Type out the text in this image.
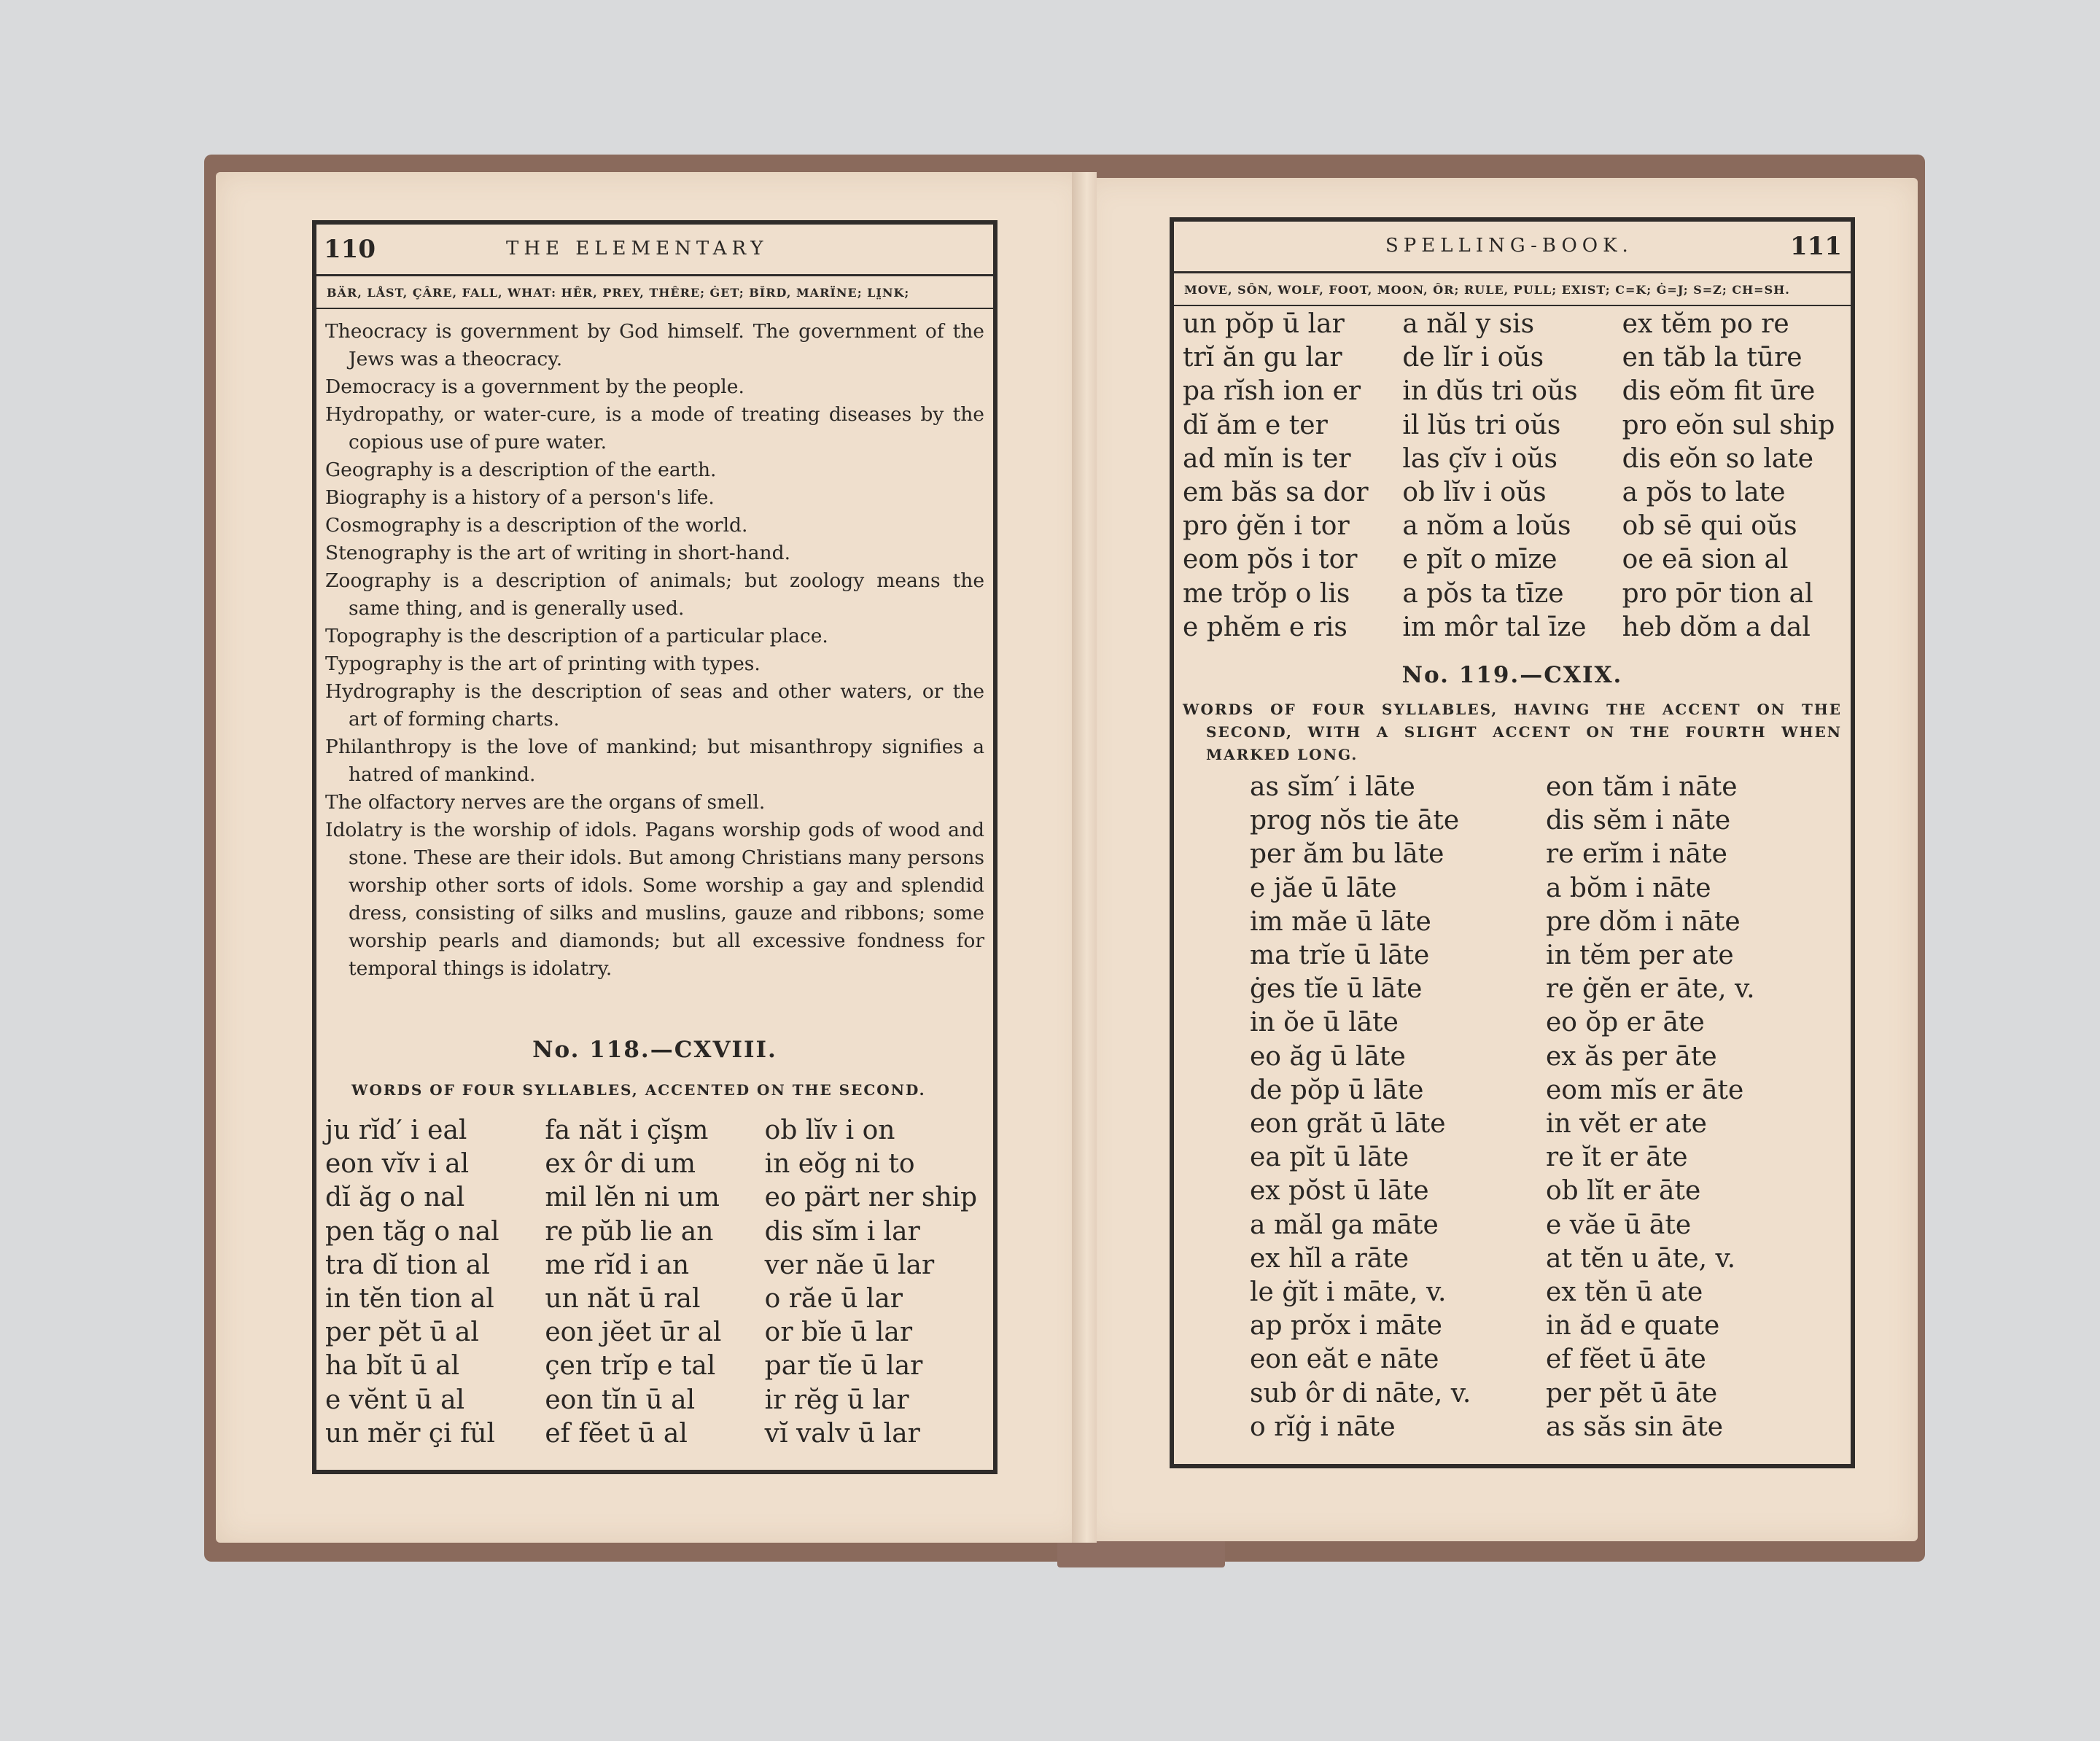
110	THE ELEMENTARY
BÄR, LÅST, ÇÂRE, FALL, WHAT: HÊR, PREY, THÊRE; ĠET; BĬRD, MARÏNE; LI̤NK;

Theocracy is government by God himself. The government of the Jews was a theocracy.

Democracy is a government by the people.

Hydropathy, or water-cure, is a mode of treating diseases by the copious use of pure water.

Geography is a description of the earth.

Biography is a history of a person's life.

Cosmography is a description of the world.

Stenography is the art of writing in short-hand.

Zoography is a description of animals; but zoology means the same thing, and is generally used.

Topography is the description of a particular place.

Typography is the art of printing with types.

Hydrography is the description of seas and other waters, or the art of forming charts.

Philanthropy is the love of mankind; but misanthropy signifies a hatred of mankind.

The olfactory nerves are the organs of smell.

Idolatry is the worship of idols. Pagans worship gods of wood and stone. These are their idols. But among Christians many persons worship other sorts of idols. Some worship a gay and splendid dress, consisting of silks and muslins, gauze and ribbons; some worship pearls and diamonds; but all excessive fondness for temporal things is idolatry.

No. 118.—CXVIII.
WORDS OF FOUR SYLLABLES, ACCENTED ON THE SECOND.
ju rĭd′ i eal	fa năt i çĭşm	ob lĭv i on
eon vĭv i al	ex ôr di um	in eŏg ni to
dĭ ăg o nal	mil lĕn ni um	eo pärt ner ship
pen tăg o nal	re pŭb lie an	dis sĭm i lar
tra dĭ tion al	me rĭd i an	ver năe ū lar
in tĕn tion al	un năt ū ral	o răe ū lar
per pĕt ū al	eon jĕet ūr al	or bĭe ū lar
ha bĭt ū al	çen trĭp e tal	par tĭe ū lar
e vĕnt ū al	eon tĭn ū al	ir rĕg ū lar
un mĕr çi fu̇l	ef fĕet ū al	vĭ valv ū lar
SPELLING-BOOK.	111
MOVE, SÔN, WOLF, FOOT, MOON, ÔR; RULE, PULL; EXIST; C=K; Ġ=J; S=Z; CH=SH.
un pŏp ū lar	a năl y sis	ex tĕm po re
trĭ ăn gu lar	de lĭr i oŭs	en tăb la tūre
pa rĭsh ion er	in dŭs tri oŭs	dis eŏm fit ūre
dĭ ăm e ter	il lŭs tri oŭs	pro eŏn sul ship
ad mĭn is ter	las çĭv i oŭs	dis eŏn so late
em băs sa dor	ob lĭv i oŭs	a pŏs to late
pro ġĕn i tor	a nŏm a loŭs	ob sē qui oŭs
eom pŏs i tor	e pĭt o mīze	oe eā sion al
me trŏp o lis	a pŏs ta tīze	pro pōr tion al
e phĕm e ris	im môr tal īze	heb dŏm a dal
No. 119.—CXIX.
WORDS OF FOUR SYLLABLES, HAVING THE ACCENT ON THE SECOND, WITH A SLIGHT ACCENT ON THE FOURTH WHEN MARKED LONG.
as sĭm′ i lāte	eon tăm i nāte
prog nŏs tie āte	dis sĕm i nāte
per ăm bu lāte	re erĭm i nāte
e jăe ū lāte	a bŏm i nāte
im măe ū lāte	pre dŏm i nāte
ma trĭe ū lāte	in tĕm per ate
ġes tĭe ū lāte	re ġĕn er āte, v.
in ŏe ū lāte	eo ŏp er āte
eo ăg ū lāte	ex ăs per āte
de pŏp ū lāte	eom mĭs er āte
eon grăt ū lāte	in vĕt er ate
ea pĭt ū lāte	re ĭt er āte
ex pŏst ū lāte	ob lĭt er āte
a măl ga māte	e văe ū āte
ex hĭl a rāte	at tĕn u āte, v.
le ġĭt i māte, v.	ex tĕn ū ate
ap prŏx i māte	in ăd e quate
eon eăt e nāte	ef fĕet ū āte
sub ôr di nāte, v.	per pĕt ū āte
o rĭġ i nāte	as săs sin āte
